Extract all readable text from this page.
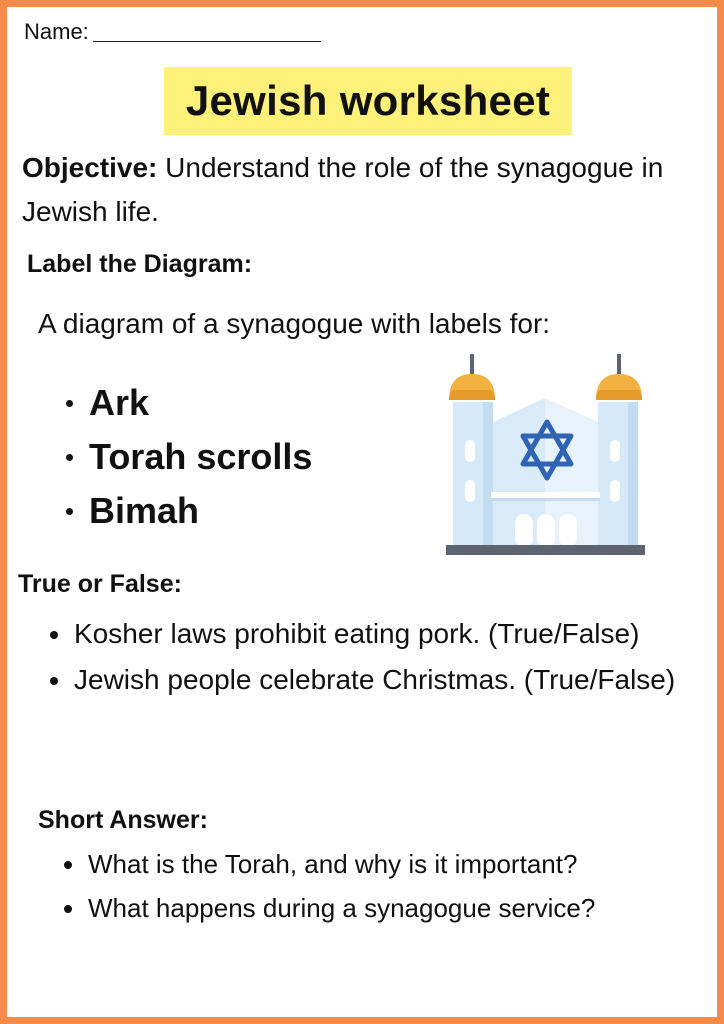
Name:
Jewish worksheet
Objective: Understand the role of the synagogue in Jewish life.
Label the Diagram:
A diagram of a synagogue with labels for:
Ark
Torah scrolls
Bimah
True or False:
Kosher laws prohibit eating pork. (True/False)
Jewish people celebrate Christmas. (True/False)
Short Answer:
What is the Torah, and why is it important?
What happens during a synagogue service?
